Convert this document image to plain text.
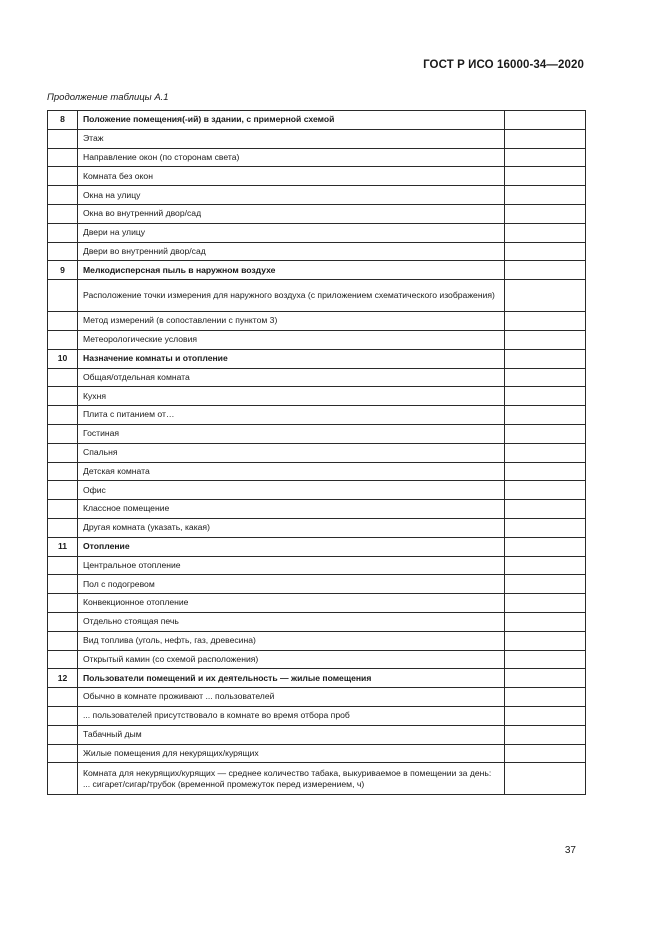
ГОСТ Р ИСО 16000-34—2020
Продолжение таблицы А.1
8	Положение помещения(-ий) в здании, с примерной схемой	
	Этаж	
	Направление окон (по сторонам света)	
	Комната без окон	
	Окна на улицу	
	Окна во внутренний двор/сад	
	Двери на улицу	
	Двери во внутренний двор/сад	
9	Мелкодисперсная пыль в наружном воздухе	
	Расположение точки измерения для наружного воздуха (с приложением схематического изображения)	
	Метод измерений (в сопоставлении с пунктом 3)	
	Метеорологические условия	
10	Назначение комнаты и отопление	
	Общая/отдельная комната	
	Кухня	
	Плита с питанием от…	
	Гостиная	
	Спальня	
	Детская комната	
	Офис	
	Классное помещение	
	Другая комната (указать, какая)	
11	Отопление	
	Центральное отопление	
	Пол с подогревом	
	Конвекционное отопление	
	Отдельно стоящая печь	
	Вид топлива (уголь, нефть, газ, древесина)	
	Открытый камин (со схемой расположения)	
12	Пользователи помещений и их деятельность — жилые помещения	
	Обычно в комнате проживают ... пользователей	
	... пользователей присутствовало в комнате во время отбора проб	
	Табачный дым	
	Жилые помещения для некурящих/курящих	
	Комната для некурящих/курящих — среднее количество табака, выкуриваемое в помещении за день: ... сигарет/сигар/трубок (временной промежуток перед измерением, ч)	
37
